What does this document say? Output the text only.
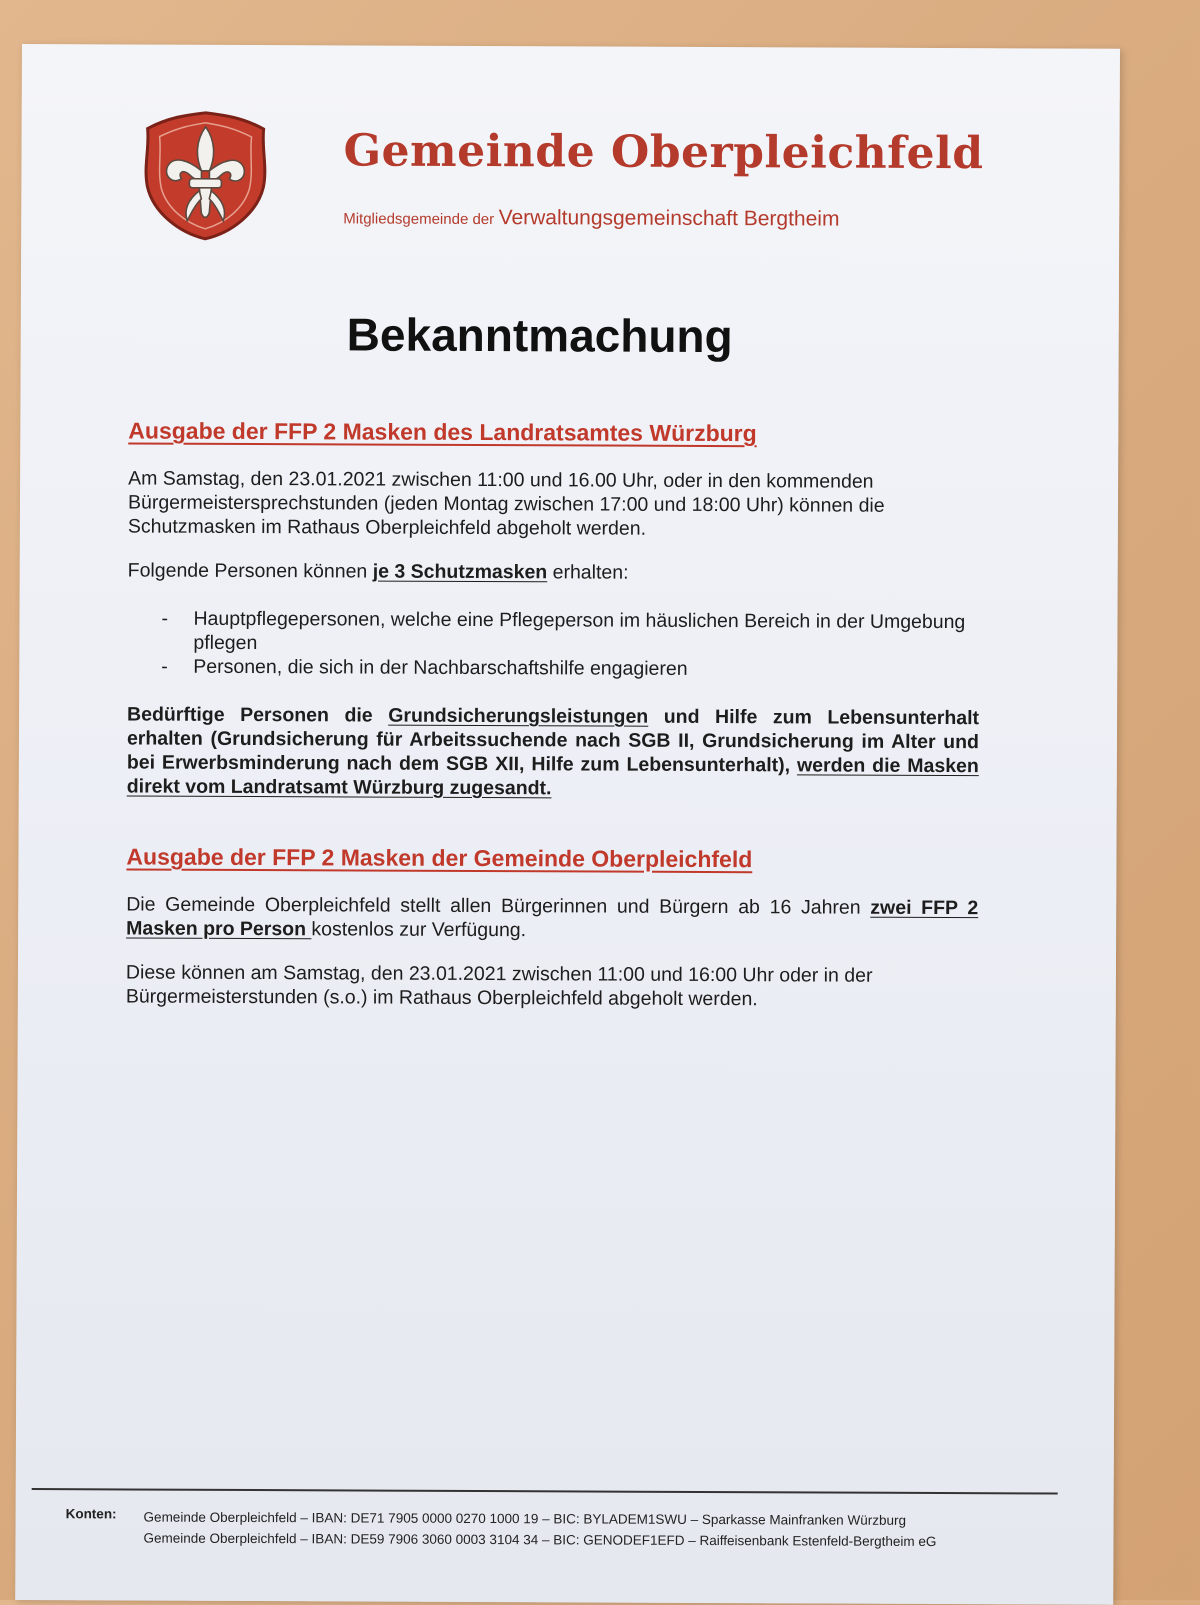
Gemeinde Oberpleichfeld
Mitgliedsgemeinde der Verwaltungsgemeinschaft Bergtheim
Bekanntmachung
Ausgabe der FFP 2 Masken des Landratsamtes Würzburg

Am Samstag, den 23.01.2021 zwischen 11:00 und 16.00 Uhr, oder in den kommenden Bürgermeistersprechstunden (jeden Montag zwischen 17:00 und 18:00 Uhr) können die Schutzmasken im Rathaus Oberpleichfeld abgeholt werden.

Folgende Personen können je 3 Schutzmasken erhalten:

- Hauptpflegepersonen, welche eine Pflegeperson im häuslichen Bereich in der Umgebung pflegen
- Personen, die sich in der Nachbarschaftshilfe engagieren

Bedürftige Personen die Grundsicherungsleistungen und Hilfe zum Lebensunterhalt erhalten (Grundsicherung für Arbeitssuchende nach SGB II, Grundsicherung im Alter und bei Erwerbsminderung nach dem SGB XII, Hilfe zum Lebensunterhalt), werden die Masken direkt vom Landratsamt Würzburg zugesandt.

Ausgabe der FFP 2 Masken der Gemeinde Oberpleichfeld

Die Gemeinde Oberpleichfeld stellt allen Bürgerinnen und Bürgern ab 16 Jahren zwei FFP 2 Masken pro Person kostenlos zur Verfügung.

Diese können am Samstag, den 23.01.2021 zwischen 11:00 und 16:00 Uhr oder in der Bürgermeisterstunden (s.o.) im Rathaus Oberpleichfeld abgeholt werden.

Konten: Gemeinde Oberpleichfeld – IBAN: DE71 7905 0000 0270 1000 19 – BIC: BYLADEM1SWU – Sparkasse Mainfranken Würzburg
Gemeinde Oberpleichfeld – IBAN: DE59 7906 3060 0003 3104 34 – BIC: GENODEF1EFD – Raiffeisenbank Estenfeld-Bergtheim eG
